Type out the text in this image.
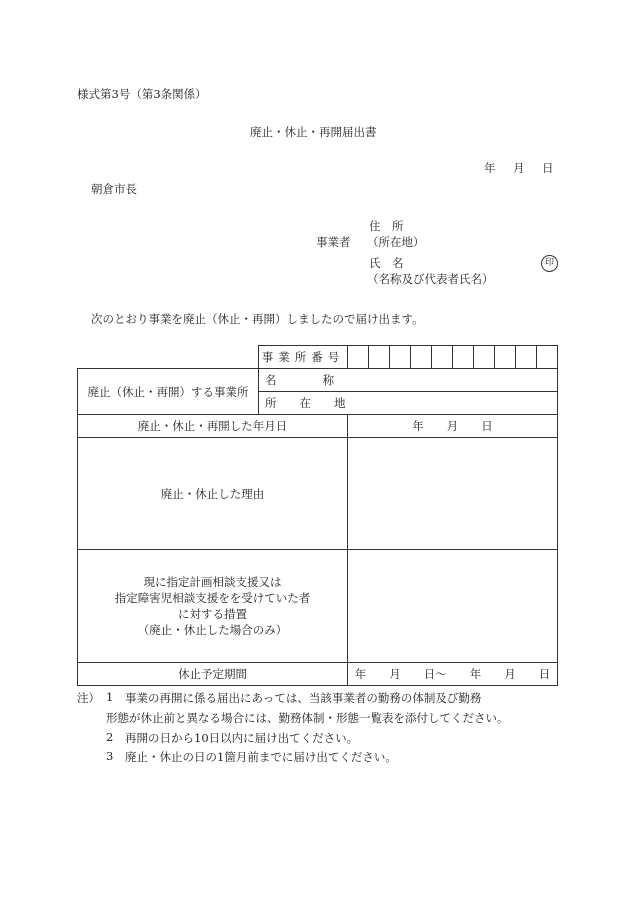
様式第3号（第3条関係）
廃止・休止・再開届出書
年　月　日
朝倉市長
事業者
住　所
（所在地）
氏　名
（名称及び代表者氏名）
印
次のとおり事業を廃止（休止・再開）しましたので届け出ます。
	事業所番号										
廃止（休止・再開）する事業所	名　　　　称										
	所　　在　　地										
廃止・休止・再開した年月日		年　　月　　日									
廃止・休止した理由											

現に指定計画相談支援又は
指定障害児相談支援をを受けていた者
に対する措置
（廃止・休止した場合のみ）											

休止予定期間		年　　月　　日〜　　年　　月　　日									
注） 1 事業の再開に係る届出にあっては、当該事業者の勤務の体制及び勤務
形態が休止前と異なる場合には、勤務体制・形態一覧表を添付してください。
2 再開の日から10日以内に届け出てください。
3 廃止・休止の日の1箇月前までに届け出てください。
